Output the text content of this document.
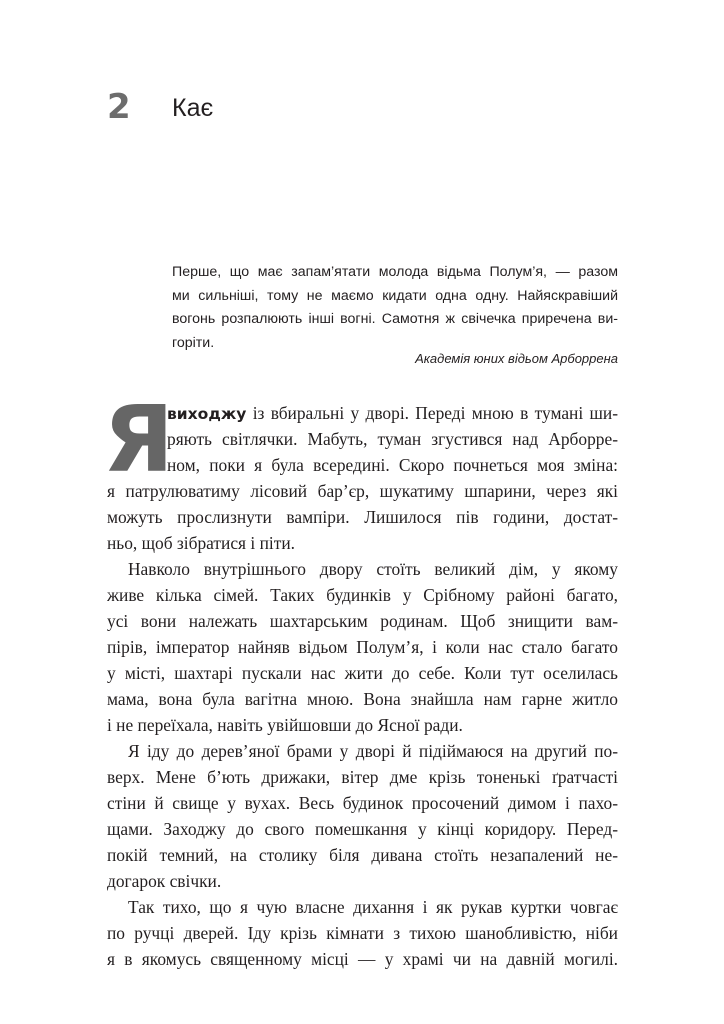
2 Кає
Перше, що має запам’ятати молода відьма Полум’я, — разом
ми сильніші, тому не маємо кидати одна одну. Найяскравіший
вогонь розпалюють інші вогні. Самотня ж свічечка приречена ви-
горіти.
Академія юних відьом Арборрена
Я
виходжу із вбиральні у дворі. Переді мною в тумані ши-
ряють світлячки. Мабуть, туман згустився над Арборре-
ном, поки я була всередині. Скоро почнеться моя зміна:
я патрулюватиму лісовий бар’єр, шукатиму шпарини, через які
можуть прослизнути вампіри. Лишилося пів години, достат-
ньо, щоб зібратися і піти.
Навколо внутрішнього двору стоїть великий дім, у якому
живе кілька сімей. Таких будинків у Срібному районі багато,
усі вони належать шахтарським родинам. Щоб знищити вам-
пірів, імператор найняв відьом Полум’я, і коли нас стало багато
у місті, шахтарі пускали нас жити до себе. Коли тут оселилась
мама, вона була вагітна мною. Вона знайшла нам гарне житло
і не переїхала, навіть увійшовши до Ясної ради.
Я іду до дерев’яної брами у дворі й підіймаюся на другий по-
верх. Мене б’ють дрижаки, вітер дме крізь тоненькі ґратчасті
стіни й свище у вухах. Весь будинок просочений димом і пахо-
щами. Заходжу до свого помешкання у кінці коридору. Перед-
покій темний, на столику біля дивана стоїть незапалений не-
догарок свічки.
Так тихо, що я чую власне дихання і як рукав куртки човгає
по ручці дверей. Іду крізь кімнати з тихою шанобливістю, ніби
я в якомусь священному місці — у храмі чи на давній могилі.
